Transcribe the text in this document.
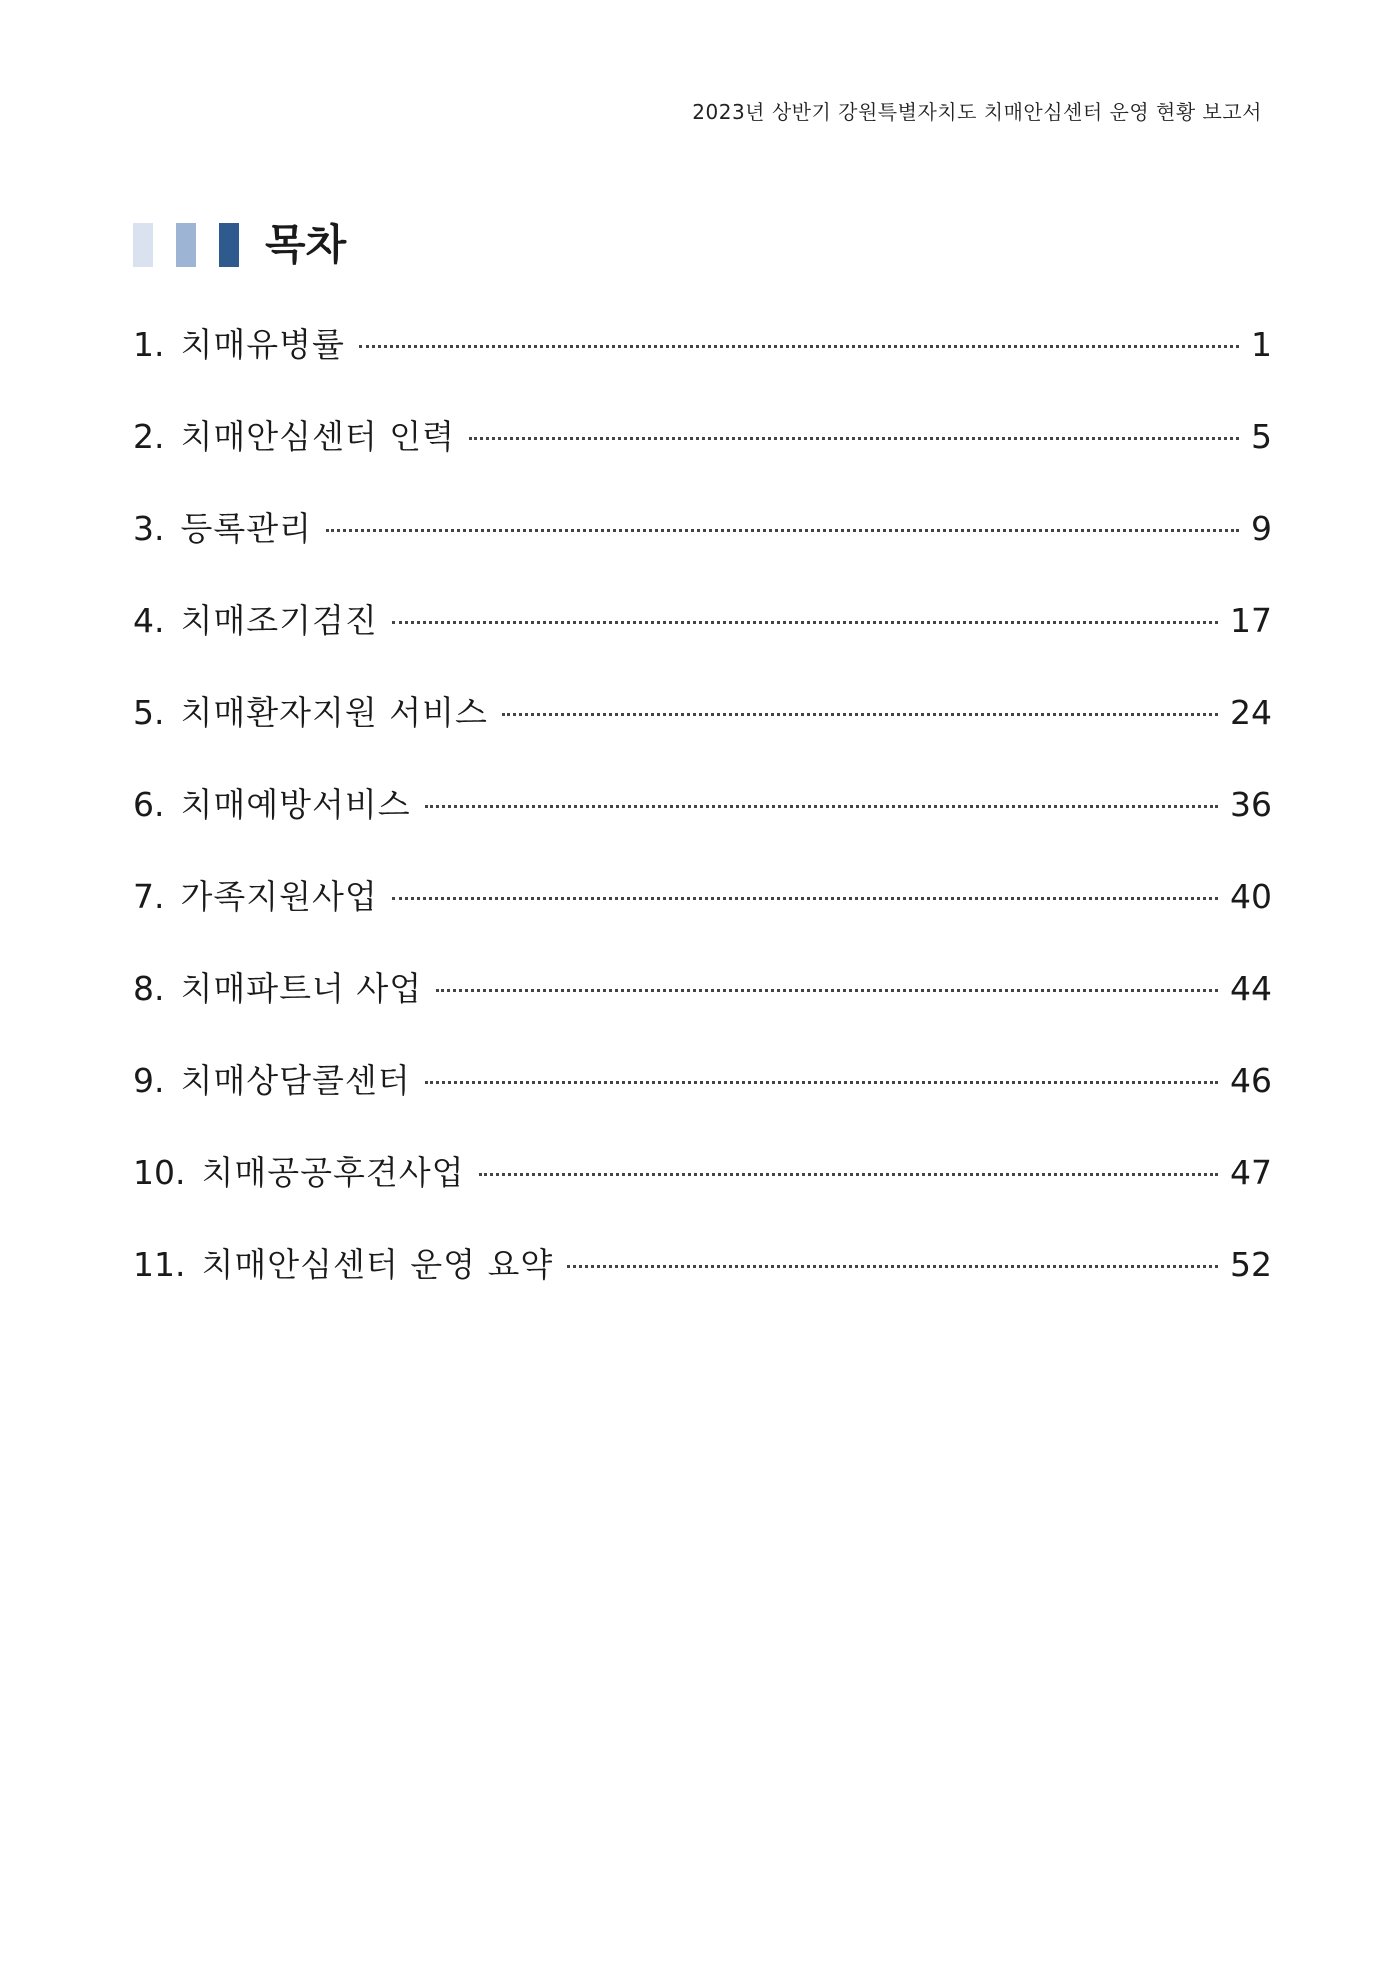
2023년 상반기 강원특별자치도 치매안심센터 운영 현황 보고서
목차
1. 치매유병률	1
2. 치매안심센터 인력	5
3. 등록관리	9
4. 치매조기검진	17
5. 치매환자지원 서비스	24
6. 치매예방서비스	36
7. 가족지원사업	40
8. 치매파트너 사업	44
9. 치매상담콜센터	46
10. 치매공공후견사업	47
11. 치매안심센터 운영 요약	52
